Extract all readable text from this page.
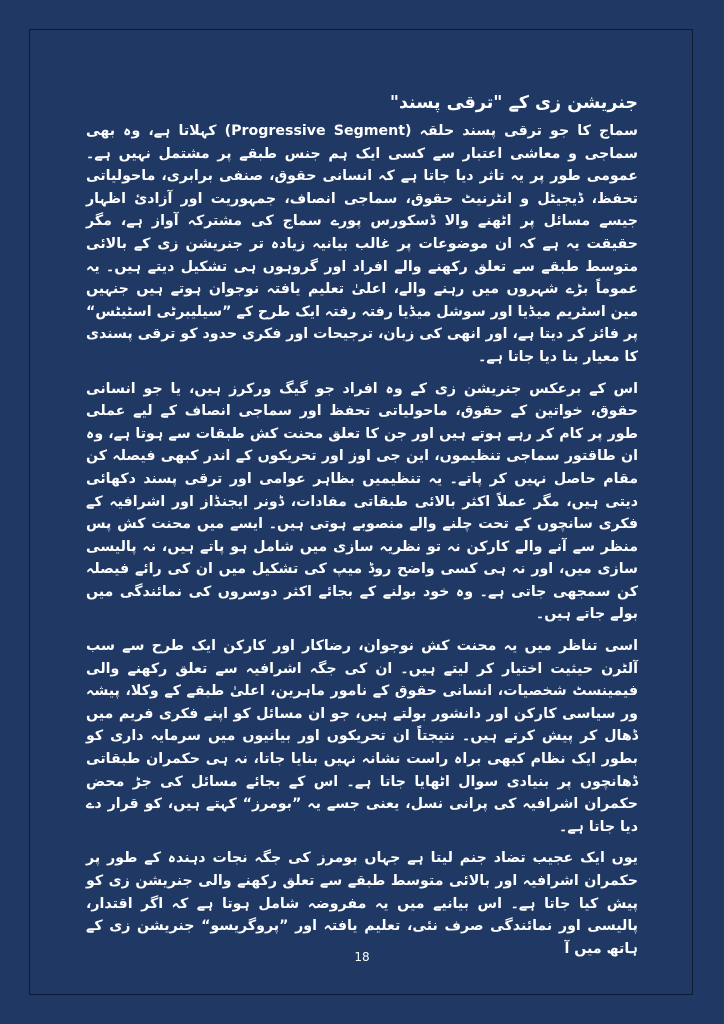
جنریشن زی کے "ترقی پسند"

سماج کا جو ترقی پسند حلقہ (Progressive Segment) کہلاتا ہے، وہ بھی سماجی و معاشی اعتبار سے کسی ایک ہم جنس طبقے پر مشتمل نہیں ہے۔ عمومی طور پر یہ تاثر دیا جاتا ہے کہ انسانی حقوق، صنفی برابری، ماحولیاتی تحفظ، ڈیجیٹل و انٹرنیٹ حقوق، سماجی انصاف، جمہوریت اور آزادئ اظہار جیسے مسائل پر اٹھنے والا ڈسکورس پورے سماج کی مشترکہ آواز ہے، مگر حقیقت یہ ہے کہ ان موضوعات پر غالب بیانیہ زیادہ تر جنریشن زی کے بالائی متوسط طبقے سے تعلق رکھنے والے افراد اور گروہوں ہی تشکیل دیتے ہیں۔ یہ عموماً بڑے شہروں میں رہنے والے، اعلیٰ تعلیم یافتہ نوجوان ہوتے ہیں جنہیں مین اسٹریم میڈیا اور سوشل میڈیا رفتہ رفتہ ایک طرح کے ”سیلیبرٹی اسٹیٹس“ پر فائز کر دیتا ہے، اور انھی کی زبان، ترجیحات اور فکری حدود کو ترقی پسندی کا معیار بنا دیا جاتا ہے۔

اس کے برعکس جنریشن زی کے وہ افراد جو گیگ ورکرز ہیں، یا جو انسانی حقوق، خواتین کے حقوق، ماحولیاتی تحفظ اور سماجی انصاف کے لیے عملی طور پر کام کر رہے ہوتے ہیں اور جن کا تعلق محنت کش طبقات سے ہوتا ہے، وہ ان طاقتور سماجی تنظیموں، این جی اوز اور تحریکوں کے اندر کبھی فیصلہ کن مقام حاصل نہیں کر پاتے۔ یہ تنظیمیں بظاہر عوامی اور ترقی پسند دکھائی دیتی ہیں، مگر عملاً اکثر بالائی طبقاتی مفادات، ڈونر ایجنڈاز اور اشرافیہ کے فکری سانچوں کے تحت چلنے والے منصوبے ہوتی ہیں۔ ایسے میں محنت کش پس منظر سے آنے والے کارکن نہ تو نظریہ سازی میں شامل ہو پاتے ہیں، نہ پالیسی سازی میں، اور نہ ہی کسی واضح روڈ میپ کی تشکیل میں ان کی رائے فیصلہ کن سمجھی جاتی ہے۔ وہ خود بولنے کے بجائے اکثر دوسروں کی نمائندگی میں بولے جاتے ہیں۔

اسی تناظر میں یہ محنت کش نوجوان، رضاکار اور کارکن ایک طرح سے سب آلٹرن حیثیت اختیار کر لیتے ہیں۔ ان کی جگہ اشرافیہ سے تعلق رکھنے والی فیمینسٹ شخصیات، انسانی حقوق کے نامور ماہرین، اعلیٰ طبقے کے وکلا، پیشہ ور سیاسی کارکن اور دانشور بولتے ہیں، جو ان مسائل کو اپنے فکری فریم میں ڈھال کر پیش کرتے ہیں۔ نتیجتاً ان تحریکوں اور بیانیوں میں سرمایہ داری کو بطور ایک نظام کبھی براہ راست نشانہ نہیں بنایا جاتا، نہ ہی حکمران طبقاتی ڈھانچوں پر بنیادی سوال اٹھایا جاتا ہے۔ اس کے بجائے مسائل کی جڑ محض حکمران اشرافیہ کی پرانی نسل، یعنی جسے یہ ”بومرز“ کہتے ہیں، کو قرار دے دیا جاتا ہے۔

یوں ایک عجیب تضاد جنم لیتا ہے جہاں بومرز کی جگہ نجات دہندہ کے طور پر حکمران اشرافیہ اور بالائی متوسط طبقے سے تعلق رکھنے والی جنریشن زی کو پیش کیا جاتا ہے۔ اس بیانیے میں یہ مفروضہ شامل ہوتا ہے کہ اگر اقتدار، پالیسی اور نمائندگی صرف نئی، تعلیم یافتہ اور ”پروگریسو“ جنریشن زی کے ہاتھ میں آ

18
